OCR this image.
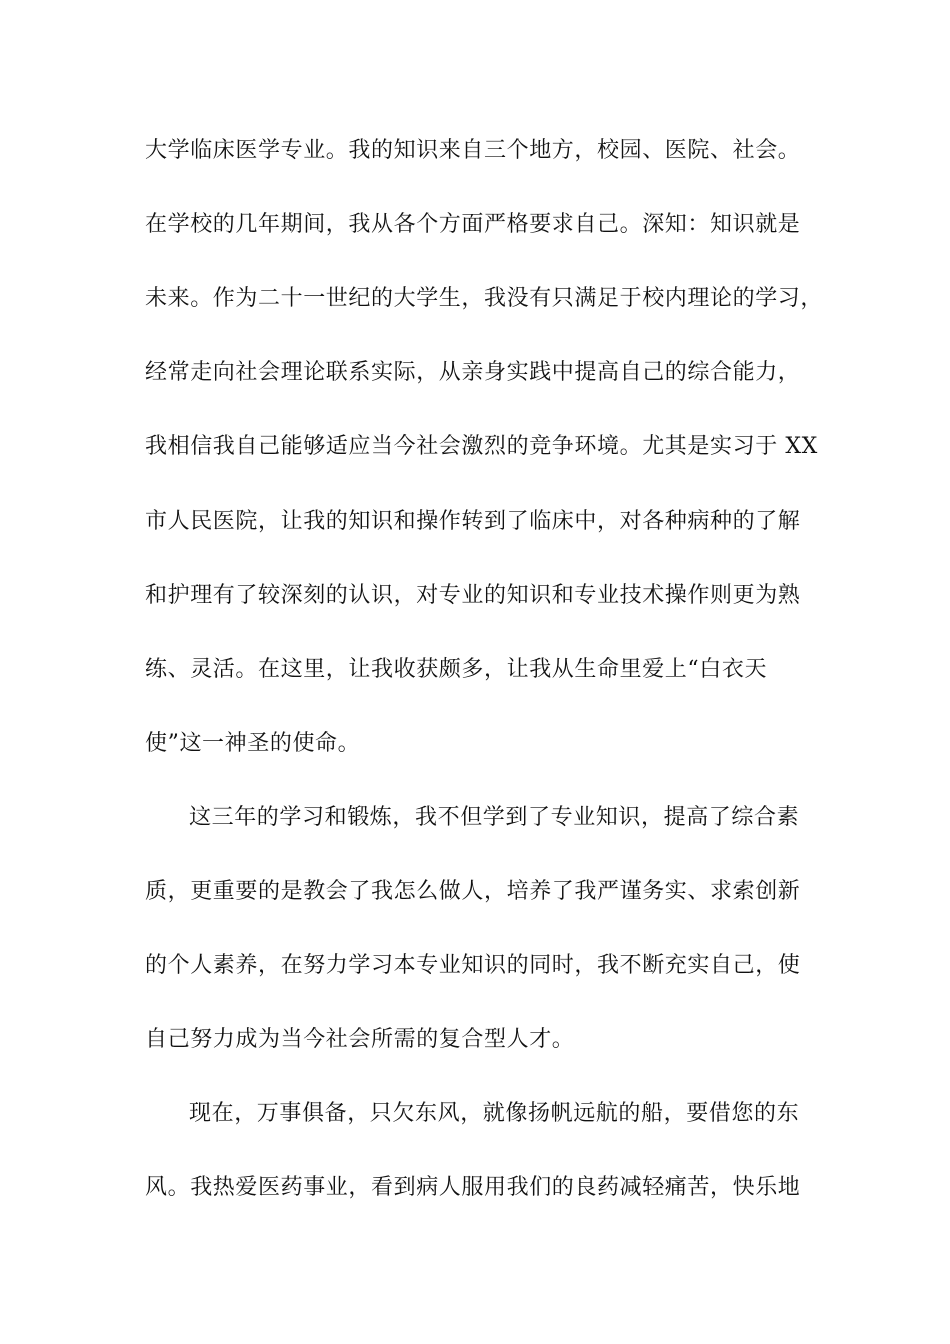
大学临床医学专业。我的知识来自三个地方，校园、医院、社会。
在学校的几年期间，我从各个方面严格要求自己。深知：知识就是
未来。作为二十一世纪的大学生，我没有只满足于校内理论的学习，
经常走向社会理论联系实际，从亲身实践中提高自己的综合能力，
我相信我自己能够适应当今社会激烈的竞争环境。尤其是实习于 XX
市人民医院，让我的知识和操作转到了临床中，对各种病种的了解
和护理有了较深刻的认识，对专业的知识和专业技术操作则更为熟
练、灵活。在这里，让我收获颇多，让我从生命里爱上“白衣天
使”这一神圣的使命。
这三年的学习和锻炼，我不但学到了专业知识，提高了综合素
质，更重要的是教会了我怎么做人，培养了我严谨务实、求索创新
的个人素养，在努力学习本专业知识的同时，我不断充实自己，使
自己努力成为当今社会所需的复合型人才。
现在，万事俱备，只欠东风，就像扬帆远航的船，要借您的东
风。我热爱医药事业，看到病人服用我们的良药减轻痛苦，快乐地
